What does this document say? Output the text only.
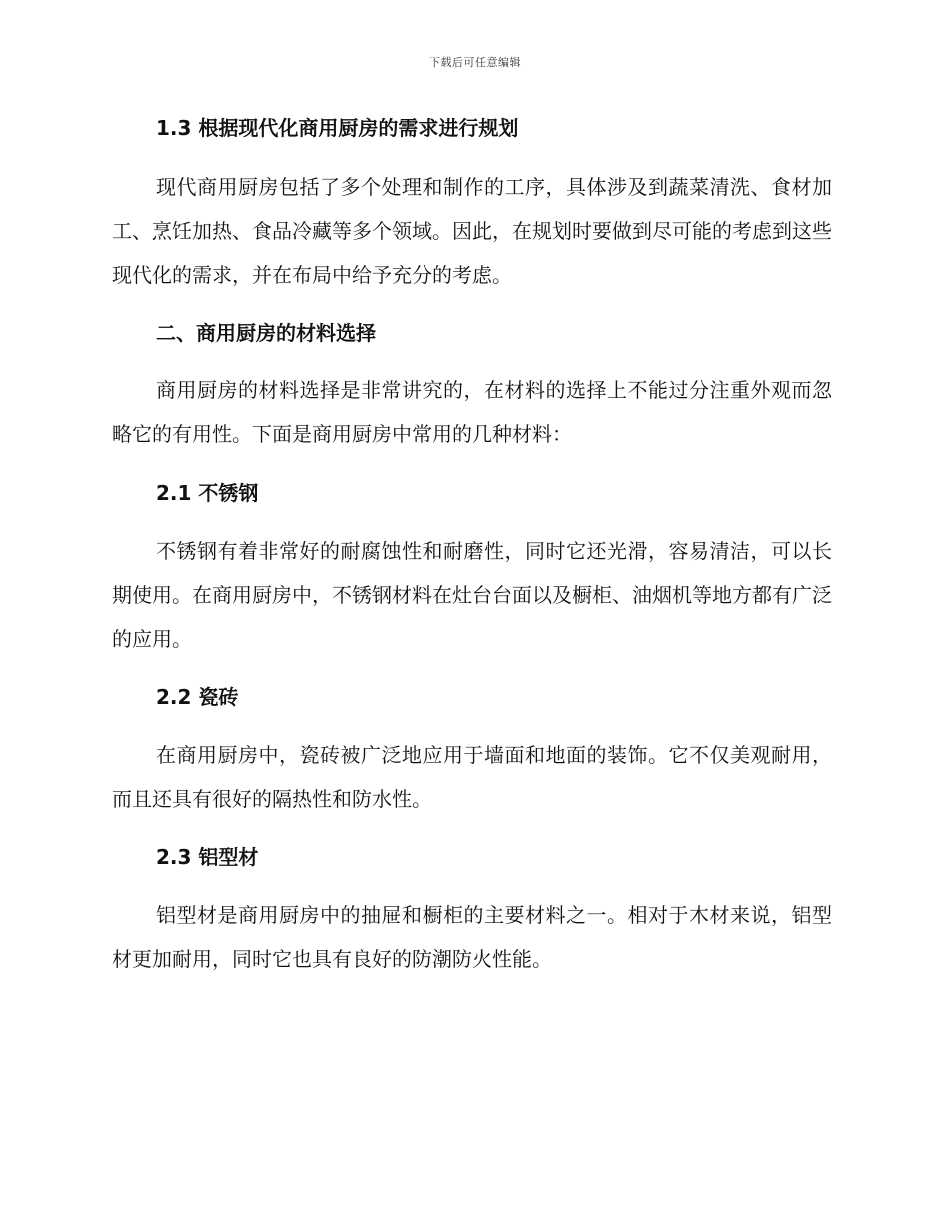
下载后可任意编辑
1.3 根据现代化商用厨房的需求进行规划

现代商用厨房包括了多个处理和制作的工序，具体涉及到蔬菜清洗、食材加工、烹饪加热、食品冷藏等多个领域。因此，在规划时要做到尽可能的考虑到这些现代化的需求，并在布局中给予充分的考虑。

二、商用厨房的材料选择

商用厨房的材料选择是非常讲究的，在材料的选择上不能过分注重外观而忽略它的有用性。下面是商用厨房中常用的几种材料：

2.1 不锈钢

不锈钢有着非常好的耐腐蚀性和耐磨性，同时它还光滑，容易清洁，可以长期使用。在商用厨房中，不锈钢材料在灶台台面以及橱柜、油烟机等地方都有广泛的应用。

2.2 瓷砖

在商用厨房中，瓷砖被广泛地应用于墙面和地面的装饰。它不仅美观耐用，而且还具有很好的隔热性和防水性。

2.3 铝型材

铝型材是商用厨房中的抽屉和橱柜的主要材料之一。相对于木材来说，铝型材更加耐用，同时它也具有良好的防潮防火性能。
